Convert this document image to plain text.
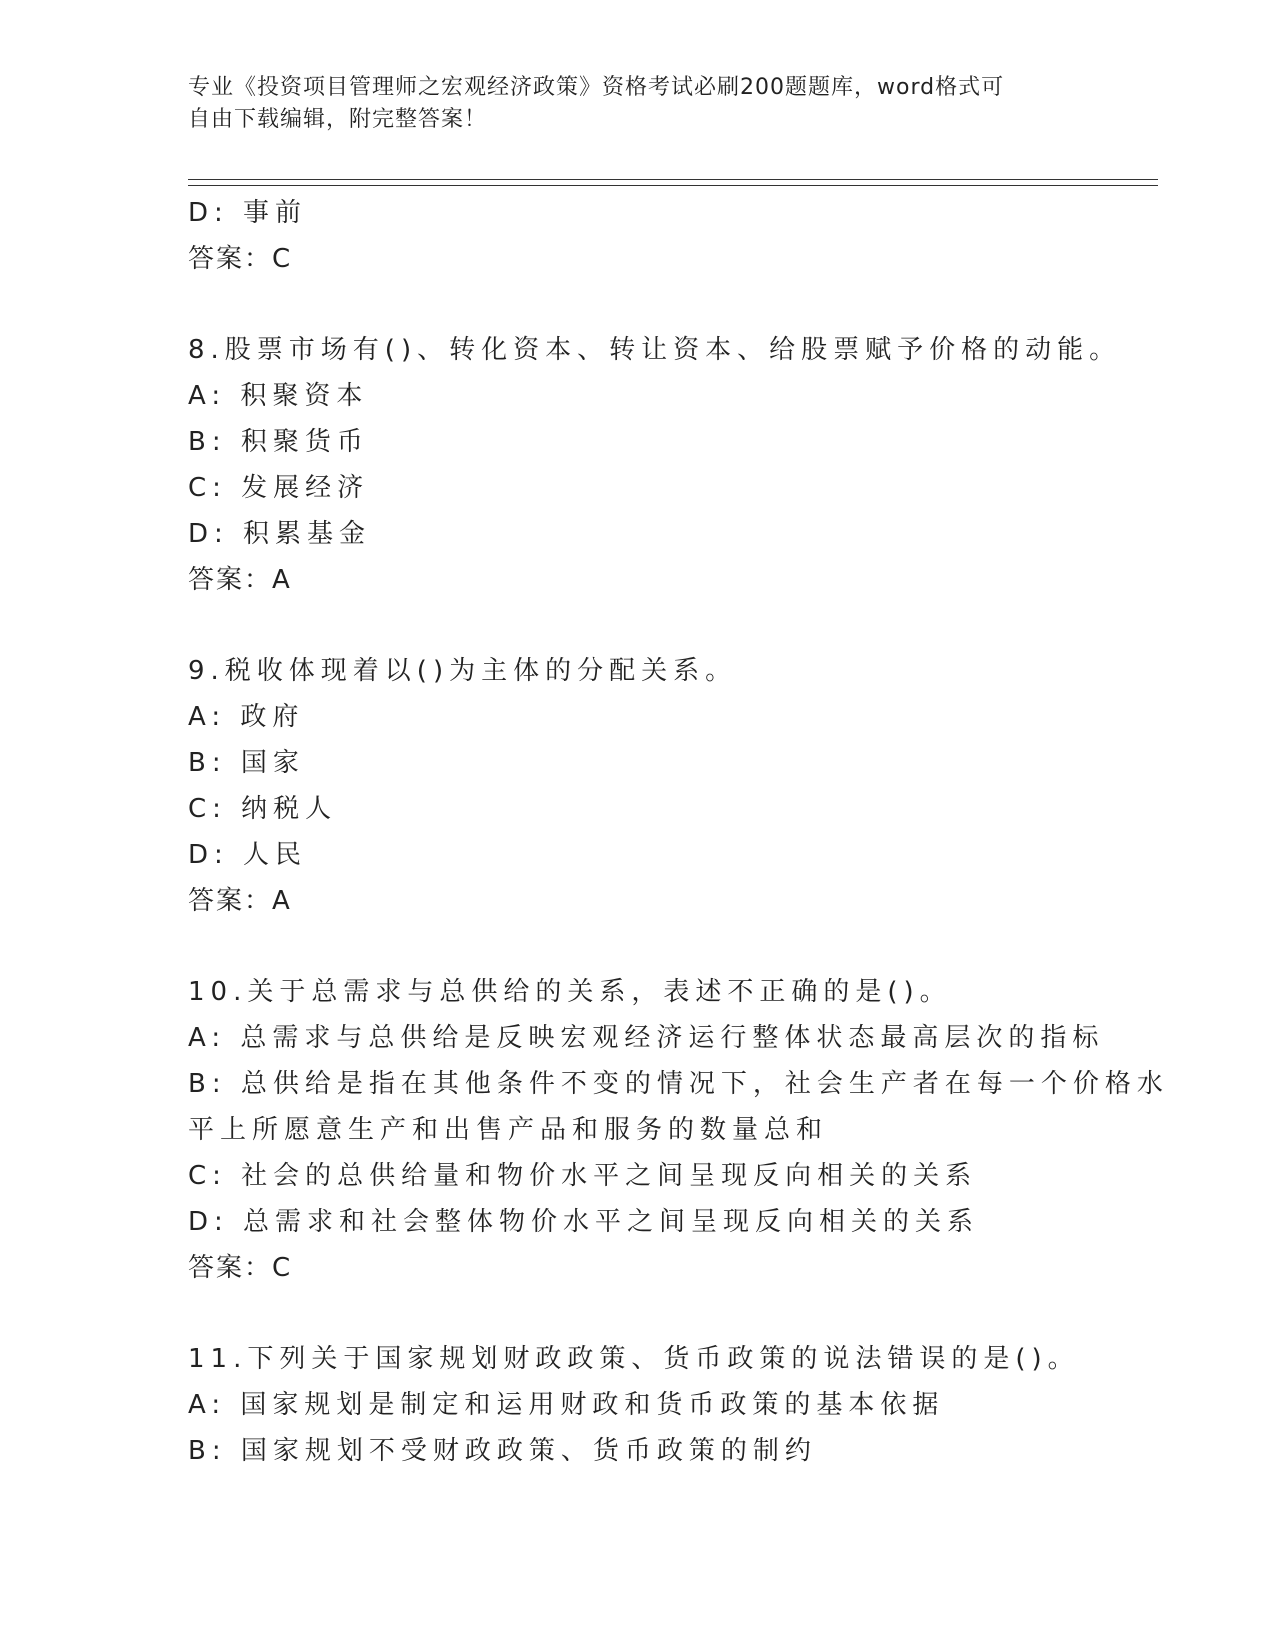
专业《投资项目管理师之宏观经济政策》资格考试必刷200题题库，word格式可
自由下载编辑，附完整答案！
D: 事前
答案：C
8.股票市场有()、转化资本、转让资本、给股票赋予价格的动能。
A: 积聚资本
B: 积聚货币
C: 发展经济
D: 积累基金
答案：A
9.税收体现着以()为主体的分配关系。
A: 政府
B: 国家
C: 纳税人
D: 人民
答案：A
10.关于总需求与总供给的关系，表述不正确的是()。
A: 总需求与总供给是反映宏观经济运行整体状态最高层次的指标
B: 总供给是指在其他条件不变的情况下，社会生产者在每一个价格水
平上所愿意生产和出售产品和服务的数量总和
C: 社会的总供给量和物价水平之间呈现反向相关的关系
D: 总需求和社会整体物价水平之间呈现反向相关的关系
答案：C
11.下列关于国家规划财政政策、货币政策的说法错误的是()。
A: 国家规划是制定和运用财政和货币政策的基本依据
B: 国家规划不受财政政策、货币政策的制约
